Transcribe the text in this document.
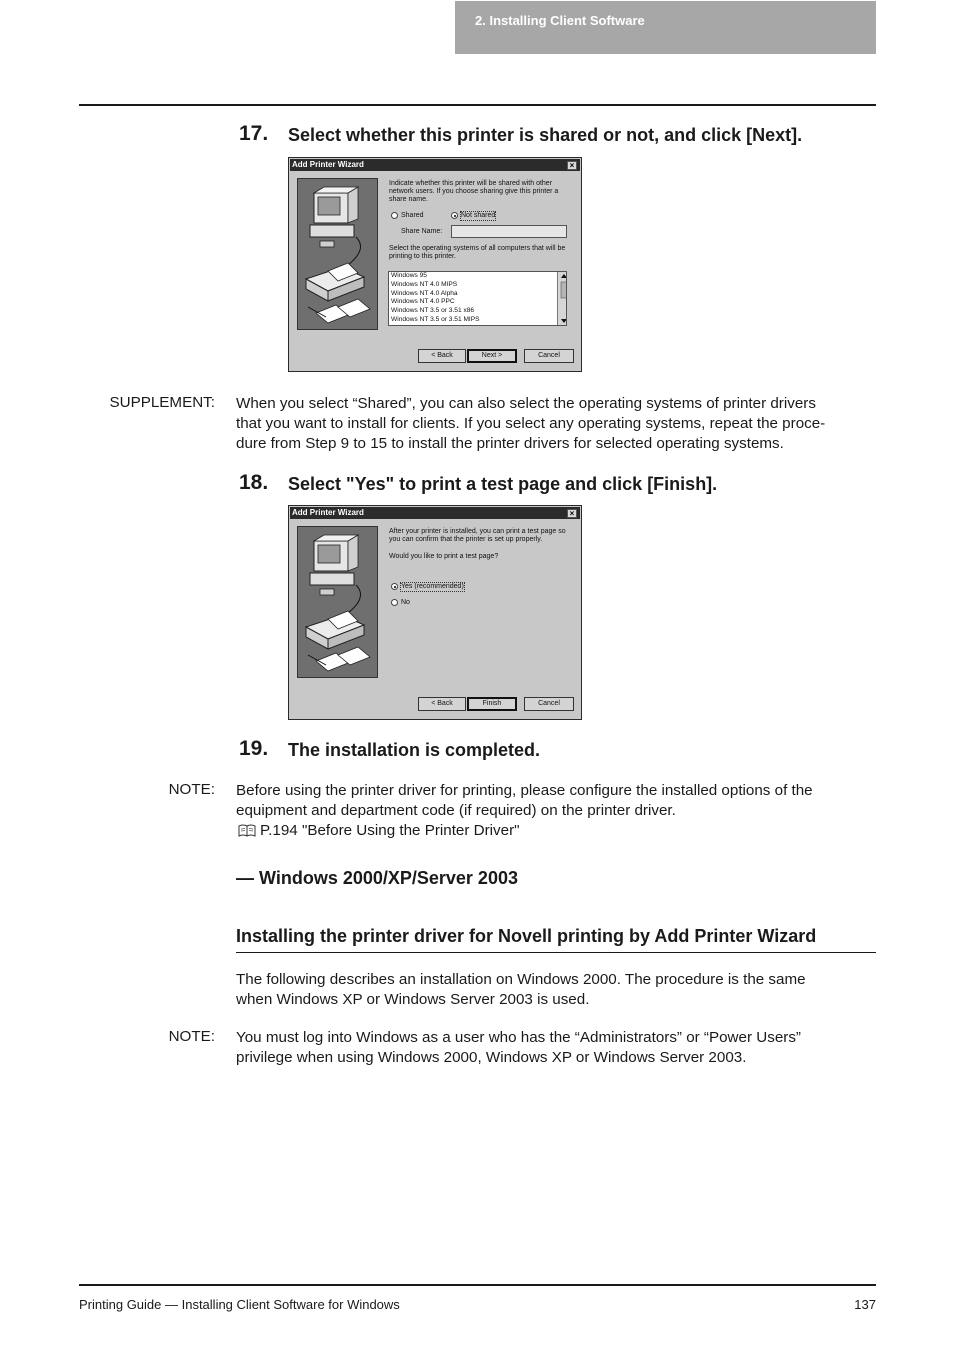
2. Installing Client Software
17. Select whether this printer is shared or not, and click [Next].
Add Printer Wizard	×
Indicate whether this printer will be shared with other network users. If you choose sharing give this printer a share name.
Shared	Not shared
Share Name:
Select the operating systems of all computers that will be printing to this printer.
Windows 95
Windows NT 4.0 MIPS
Windows NT 4.0 Alpha
Windows NT 4.0 PPC
Windows NT 3.5 or 3.51 x86
Windows NT 3.5 or 3.51 MIPS
< Back	Next >	Cancel
SUPPLEMENT: When you select “Shared”, you can also select the operating systems of printer drivers
that you want to install for clients. If you select any operating systems, repeat the proce-
dure from Step 9 to 15 to install the printer drivers for selected operating systems.
18. Select "Yes" to print a test page and click [Finish].
Add Printer Wizard	×
After your printer is installed, you can print a test page so you can confirm that the printer is set up properly.
Would you like to print a test page?
Yes (recommended)
No
< Back	Finish	Cancel
19. The installation is completed.
NOTE: Before using the printer driver for printing, please configure the installed options of the
equipment and department code (if required) on the printer driver.
P.194 "Before Using the Printer Driver"
— Windows 2000/XP/Server 2003
Installing the printer driver for Novell printing by Add Printer Wizard
The following describes an installation on Windows 2000. The procedure is the same
when Windows XP or Windows Server 2003 is used.
NOTE: You must log into Windows as a user who has the “Administrators” or “Power Users”
privilege when using Windows 2000, Windows XP or Windows Server 2003.
Printing Guide — Installing Client Software for Windows	137
